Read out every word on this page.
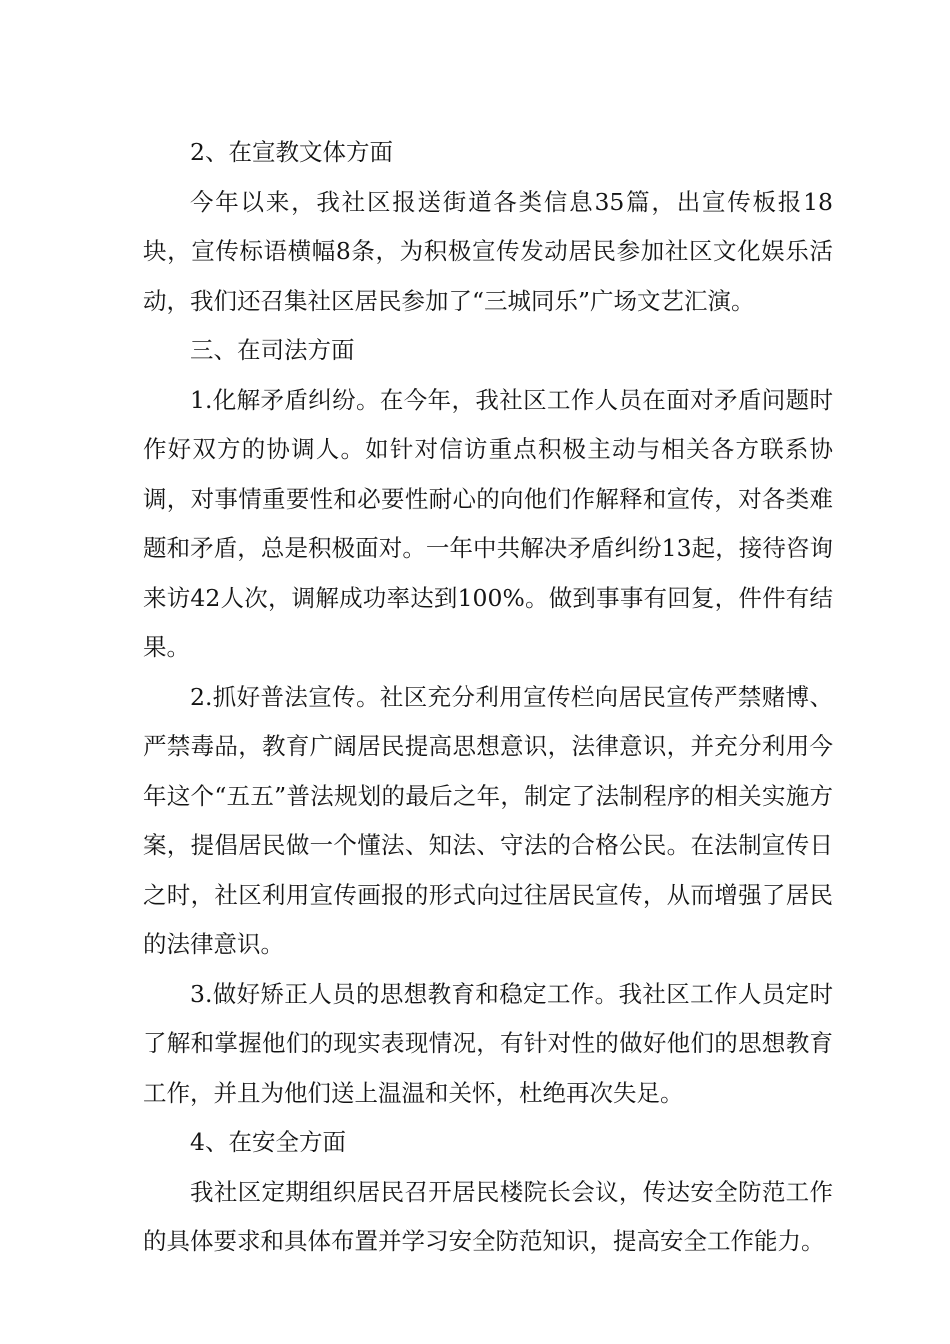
2、在宣教文体方面

今年以来，我社区报送街道各类信息35篇，出宣传板报18块，宣传标语横幅8条，为积极宣传发动居民参加社区文化娱乐活动，我们还召集社区居民参加了“三城同乐”广场文艺汇演。

三、在司法方面

1.化解矛盾纠纷。在今年，我社区工作人员在面对矛盾问题时作好双方的协调人。如针对信访重点积极主动与相关各方联系协调，对事情重要性和必要性耐心的向他们作解释和宣传，对各类难题和矛盾，总是积极面对。一年中共解决矛盾纠纷13起，接待咨询来访42人次，调解成功率达到100%。做到事事有回复，件件有结果。

2.抓好普法宣传。社区充分利用宣传栏向居民宣传严禁赌博、严禁毒品，教育广阔居民提高思想意识，法律意识，并充分利用今年这个“五五”普法规划的最后之年，制定了法制程序的相关实施方案，提倡居民做一个懂法、知法、守法的合格公民。在法制宣传日之时，社区利用宣传画报的形式向过往居民宣传，从而增强了居民的法律意识。

3.做好矫正人员的思想教育和稳定工作。我社区工作人员定时了解和掌握他们的现实表现情况，有针对性的做好他们的思想教育工作，并且为他们送上温温和关怀，杜绝再次失足。

4、在安全方面

我社区定期组织居民召开居民楼院长会议，传达安全防范工作的具体要求和具体布置并学习安全防范知识，提高安全工作能力。
